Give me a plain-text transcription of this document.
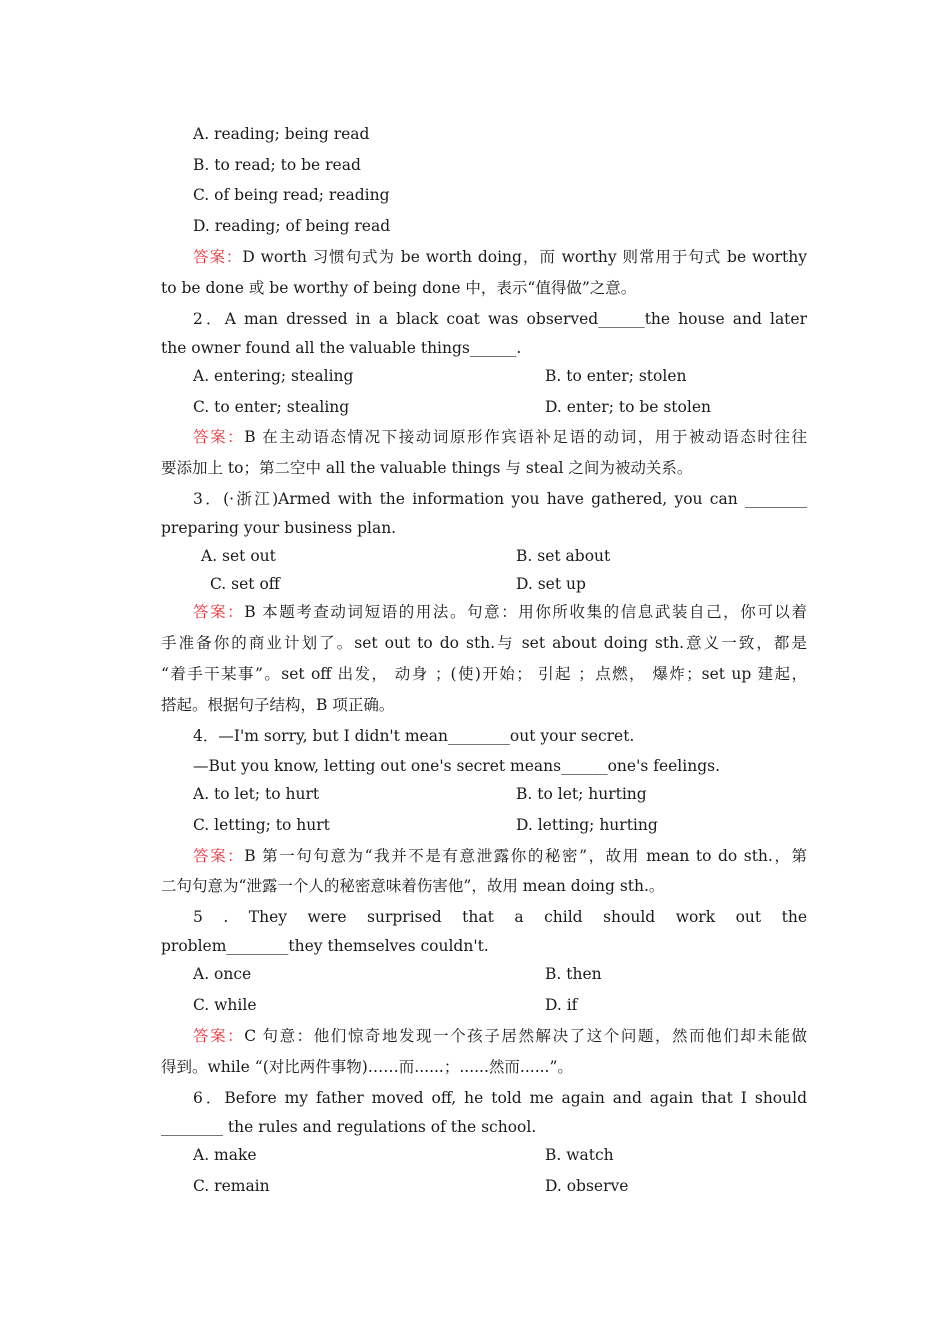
A. reading; being read
B. to read; to be read
C. of being read; reading
D. reading; of being read
答案：D worth 习惯句式为 be worth doing，而 worthy 则常用于句式 be worthy
to be done 或 be worthy of being done 中，表示“值得做”之意。
2．A man dressed in a black coat was observed______the house and later
the owner found all the valuable things______.
A. entering; stealing	B. to enter; stolen
C. to enter; stealing	D. enter; to be stolen
答案：B 在主动语态情况下接动词原形作宾语补足语的动词，用于被动语态时往往
要添加上 to；第二空中 all the valuable things 与 steal 之间为被动关系。
3．(·浙江)Armed with the information you have gathered, you can ________
preparing your business plan.
A. set out	B. set about
C. set off	D. set up
答案：B 本题考查动词短语的用法。句意：用你所收集的信息武装自己，你可以着
手准备你的商业计划了。set out to do sth.与 set about doing sth.意义一致，都是
“着手干某事”。set off 出发， 动身 ；(使)开始； 引起 ；点燃， 爆炸；set up 建起，
搭起。根据句子结构，B 项正确。
4．—I'm sorry, but I didn't mean________out your secret.
—But you know, letting out one's secret means______one's feelings.
A. to let; to hurt	B. to let; hurting
C. letting; to hurt	D. letting; hurting
答案：B 第一句句意为“我并不是有意泄露你的秘密”，故用 mean to do sth.，第
二句句意为“泄露一个人的秘密意味着伤害他”，故用 mean doing sth.。
5 . They were surprised that a child should work out the
problem________they themselves couldn't.
A. once	B. then
C. while	D. if
答案：C 句意：他们惊奇地发现一个孩子居然解决了这个问题，然而他们却未能做
得到。while “(对比两件事物)……而......；......然而......”。
6．Before my father moved off, he told me again and again that I should
________ the rules and regulations of the school.
A. make	B. watch
C. remain	D. observe
